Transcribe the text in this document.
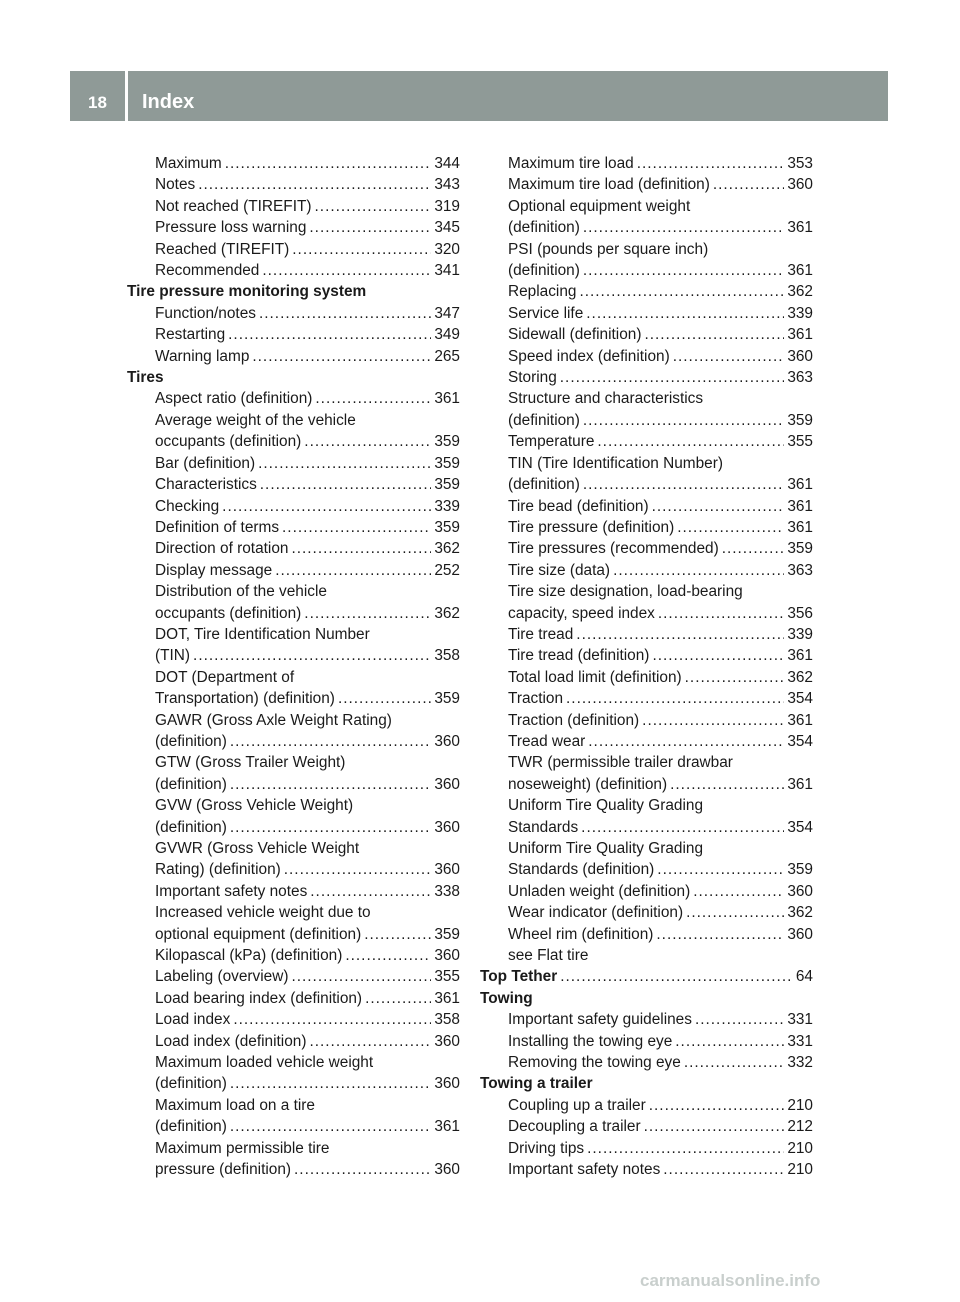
18	Index
Maximum .....	344
Notes .....	343
Not reached (TIREFIT) .....	319
Pressure loss warning .....	345
Reached (TIREFIT) .....	320
Recommended .....	341
Tire pressure monitoring system
Function/notes .....	347
Restarting .....	349
Warning lamp .....	265
Tires
Aspect ratio (definition) .....	361
Average weight of the vehicle
occupants (definition) .....	359
Bar (definition) .....	359
Characteristics .....	359
Checking .....	339
Definition of terms .....	359
Direction of rotation .....	362
Display message .....	252
Distribution of the vehicle
occupants (definition) .....	362
DOT, Tire Identification Number
(TIN) .....	358
DOT (Department of
Transportation) (definition) .....	359
GAWR (Gross Axle Weight Rating)
(definition) .....	360
GTW (Gross Trailer Weight)
(definition) .....	360
GVW (Gross Vehicle Weight)
(definition) .....	360
GVWR (Gross Vehicle Weight
Rating) (definition) .....	360
Important safety notes .....	338
Increased vehicle weight due to
optional equipment (definition) .....	359
Kilopascal (kPa) (definition) .....	360
Labeling (overview) .....	355
Load bearing index (definition) .....	361
Load index .....	358
Load index (definition) .....	360
Maximum loaded vehicle weight
(definition) .....	360
Maximum load on a tire
(definition) .....	361
Maximum permissible tire
pressure (definition) .....	360
Maximum tire load .....	353
Maximum tire load (definition) .....	360
Optional equipment weight
(definition) .....	361
PSI (pounds per square inch)
(definition) .....	361
Replacing .....	362
Service life .....	339
Sidewall (definition) .....	361
Speed index (definition) .....	360
Storing .....	363
Structure and characteristics
(definition) .....	359
Temperature .....	355
TIN (Tire Identification Number)
(definition) .....	361
Tire bead (definition) .....	361
Tire pressure (definition) .....	361
Tire pressures (recommended) .....	359
Tire size (data) .....	363
Tire size designation, load-bearing
capacity, speed index .....	356
Tire tread .....	339
Tire tread (definition) .....	361
Total load limit (definition) .....	362
Traction .....	354
Traction (definition) .....	361
Tread wear .....	354
TWR (permissible trailer drawbar
noseweight) (definition) .....	361
Uniform Tire Quality Grading
Standards .....	354
Uniform Tire Quality Grading
Standards (definition) .....	359
Unladen weight (definition) .....	360
Wear indicator (definition) .....	362
Wheel rim (definition) .....	360
see Flat tire
Top Tether .....	64
Towing
Important safety guidelines .....	331
Installing the towing eye .....	331
Removing the towing eye .....	332
Towing a trailer
Coupling up a trailer .....	210
Decoupling a trailer .....	212
Driving tips .....	210
Important safety notes .....	210
carmanualsonline.info
